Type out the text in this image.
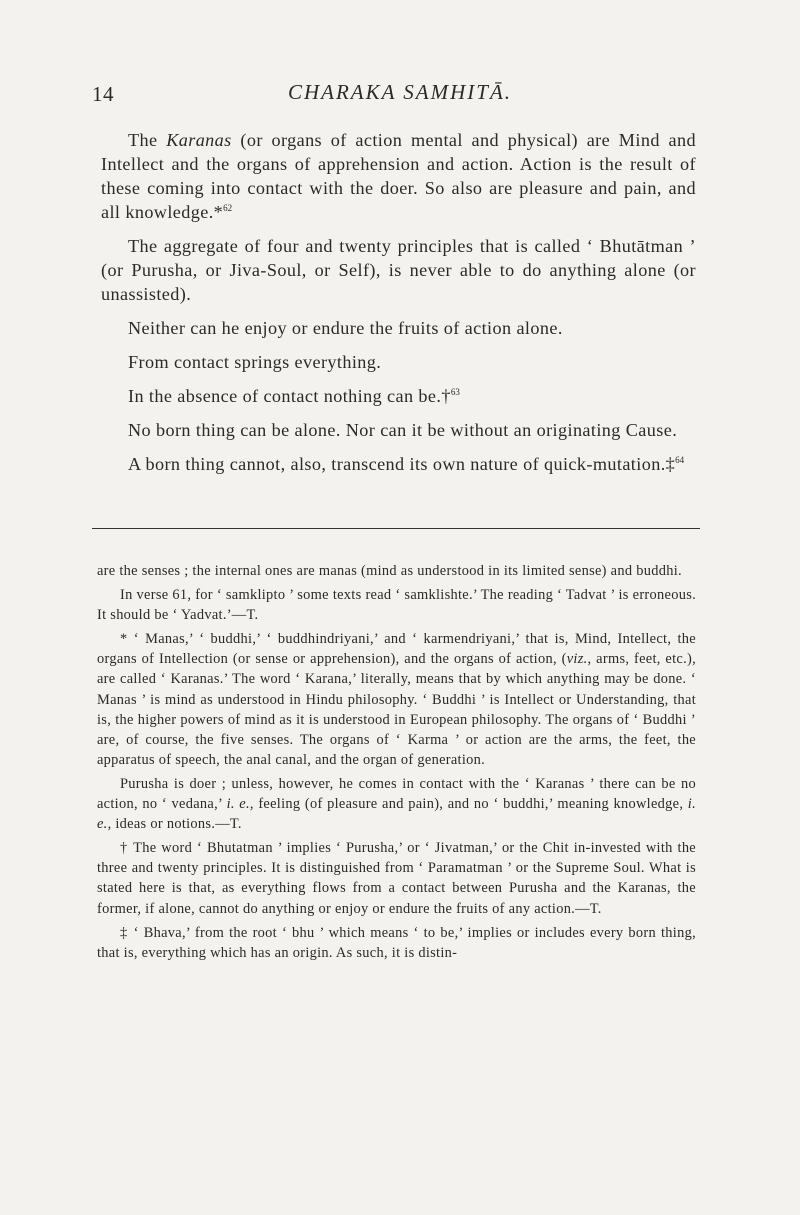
14	CHARAKA SAMHITĀ.

The Karanas (or organs of action mental and physical) are Mind and Intellect and the organs of apprehension and action. Action is the result of these coming into contact with the doer. So also are pleasure and pain, and all knowledge.*$^{62}$

The aggregate of four and twenty principles that is called ‘ Bhutātman ’ (or Purusha, or Jiva-Soul, or Self), is never able to do anything alone (or unassisted).

Neither can he enjoy or endure the fruits of action alone.

From contact springs everything.

In the absence of contact nothing can be.†$^{63}$

No born thing can be alone. Nor can it be without an originating Cause.

A born thing cannot, also, transcend its own nature of quick-mutation.‡$^{64}$

are the senses ; the internal ones are manas (mind as understood in its limited sense) and buddhi.

In verse 61, for ‘ samklipto ’ some texts read ‘ samklishte.’ The reading ‘ Tadvat ’ is erroneous. It should be ‘ Yadvat.’—T.

* ‘ Manas,’ ‘ buddhi,’ ‘ buddhindriyani,’ and ‘ karmendriyani,’ that is, Mind, Intellect, the organs of Intellection (or sense or apprehension), and the organs of action, (viz., arms, feet, etc.), are called ‘ Karanas.’ The word ‘ Karana,’ literally, means that by which anything may be done. ‘ Manas ’ is mind as understood in Hindu philosophy. ‘ Buddhi ’ is Intellect or Understanding, that is, the higher powers of mind as it is understood in European philosophy. The organs of ‘ Buddhi ’ are, of course, the five senses. The organs of ‘ Karma ’ or action are the arms, the feet, the apparatus of speech, the anal canal, and the organ of generation.

Purusha is doer ; unless, however, he comes in contact with the ‘ Karanas ’ there can be no action, no ‘ vedana,’ i. e., feeling (of pleasure and pain), and no ‘ buddhi,’ meaning knowledge, i. e., ideas or notions.—T.

† The word ‘ Bhutatman ’ implies ‘ Purusha,’ or ‘ Jivatman,’ or the Chit in-invested with the three and twenty principles. It is distinguished from ‘ Paramatman ’ or the Supreme Soul. What is stated here is that, as everything flows from a contact between Purusha and the Karanas, the former, if alone, cannot do anything or enjoy or endure the fruits of any action.—T.

‡ ‘ Bhava,’ from the root ‘ bhu ’ which means ‘ to be,’ implies or includes every born thing, that is, everything which has an origin. As such, it is distin-
